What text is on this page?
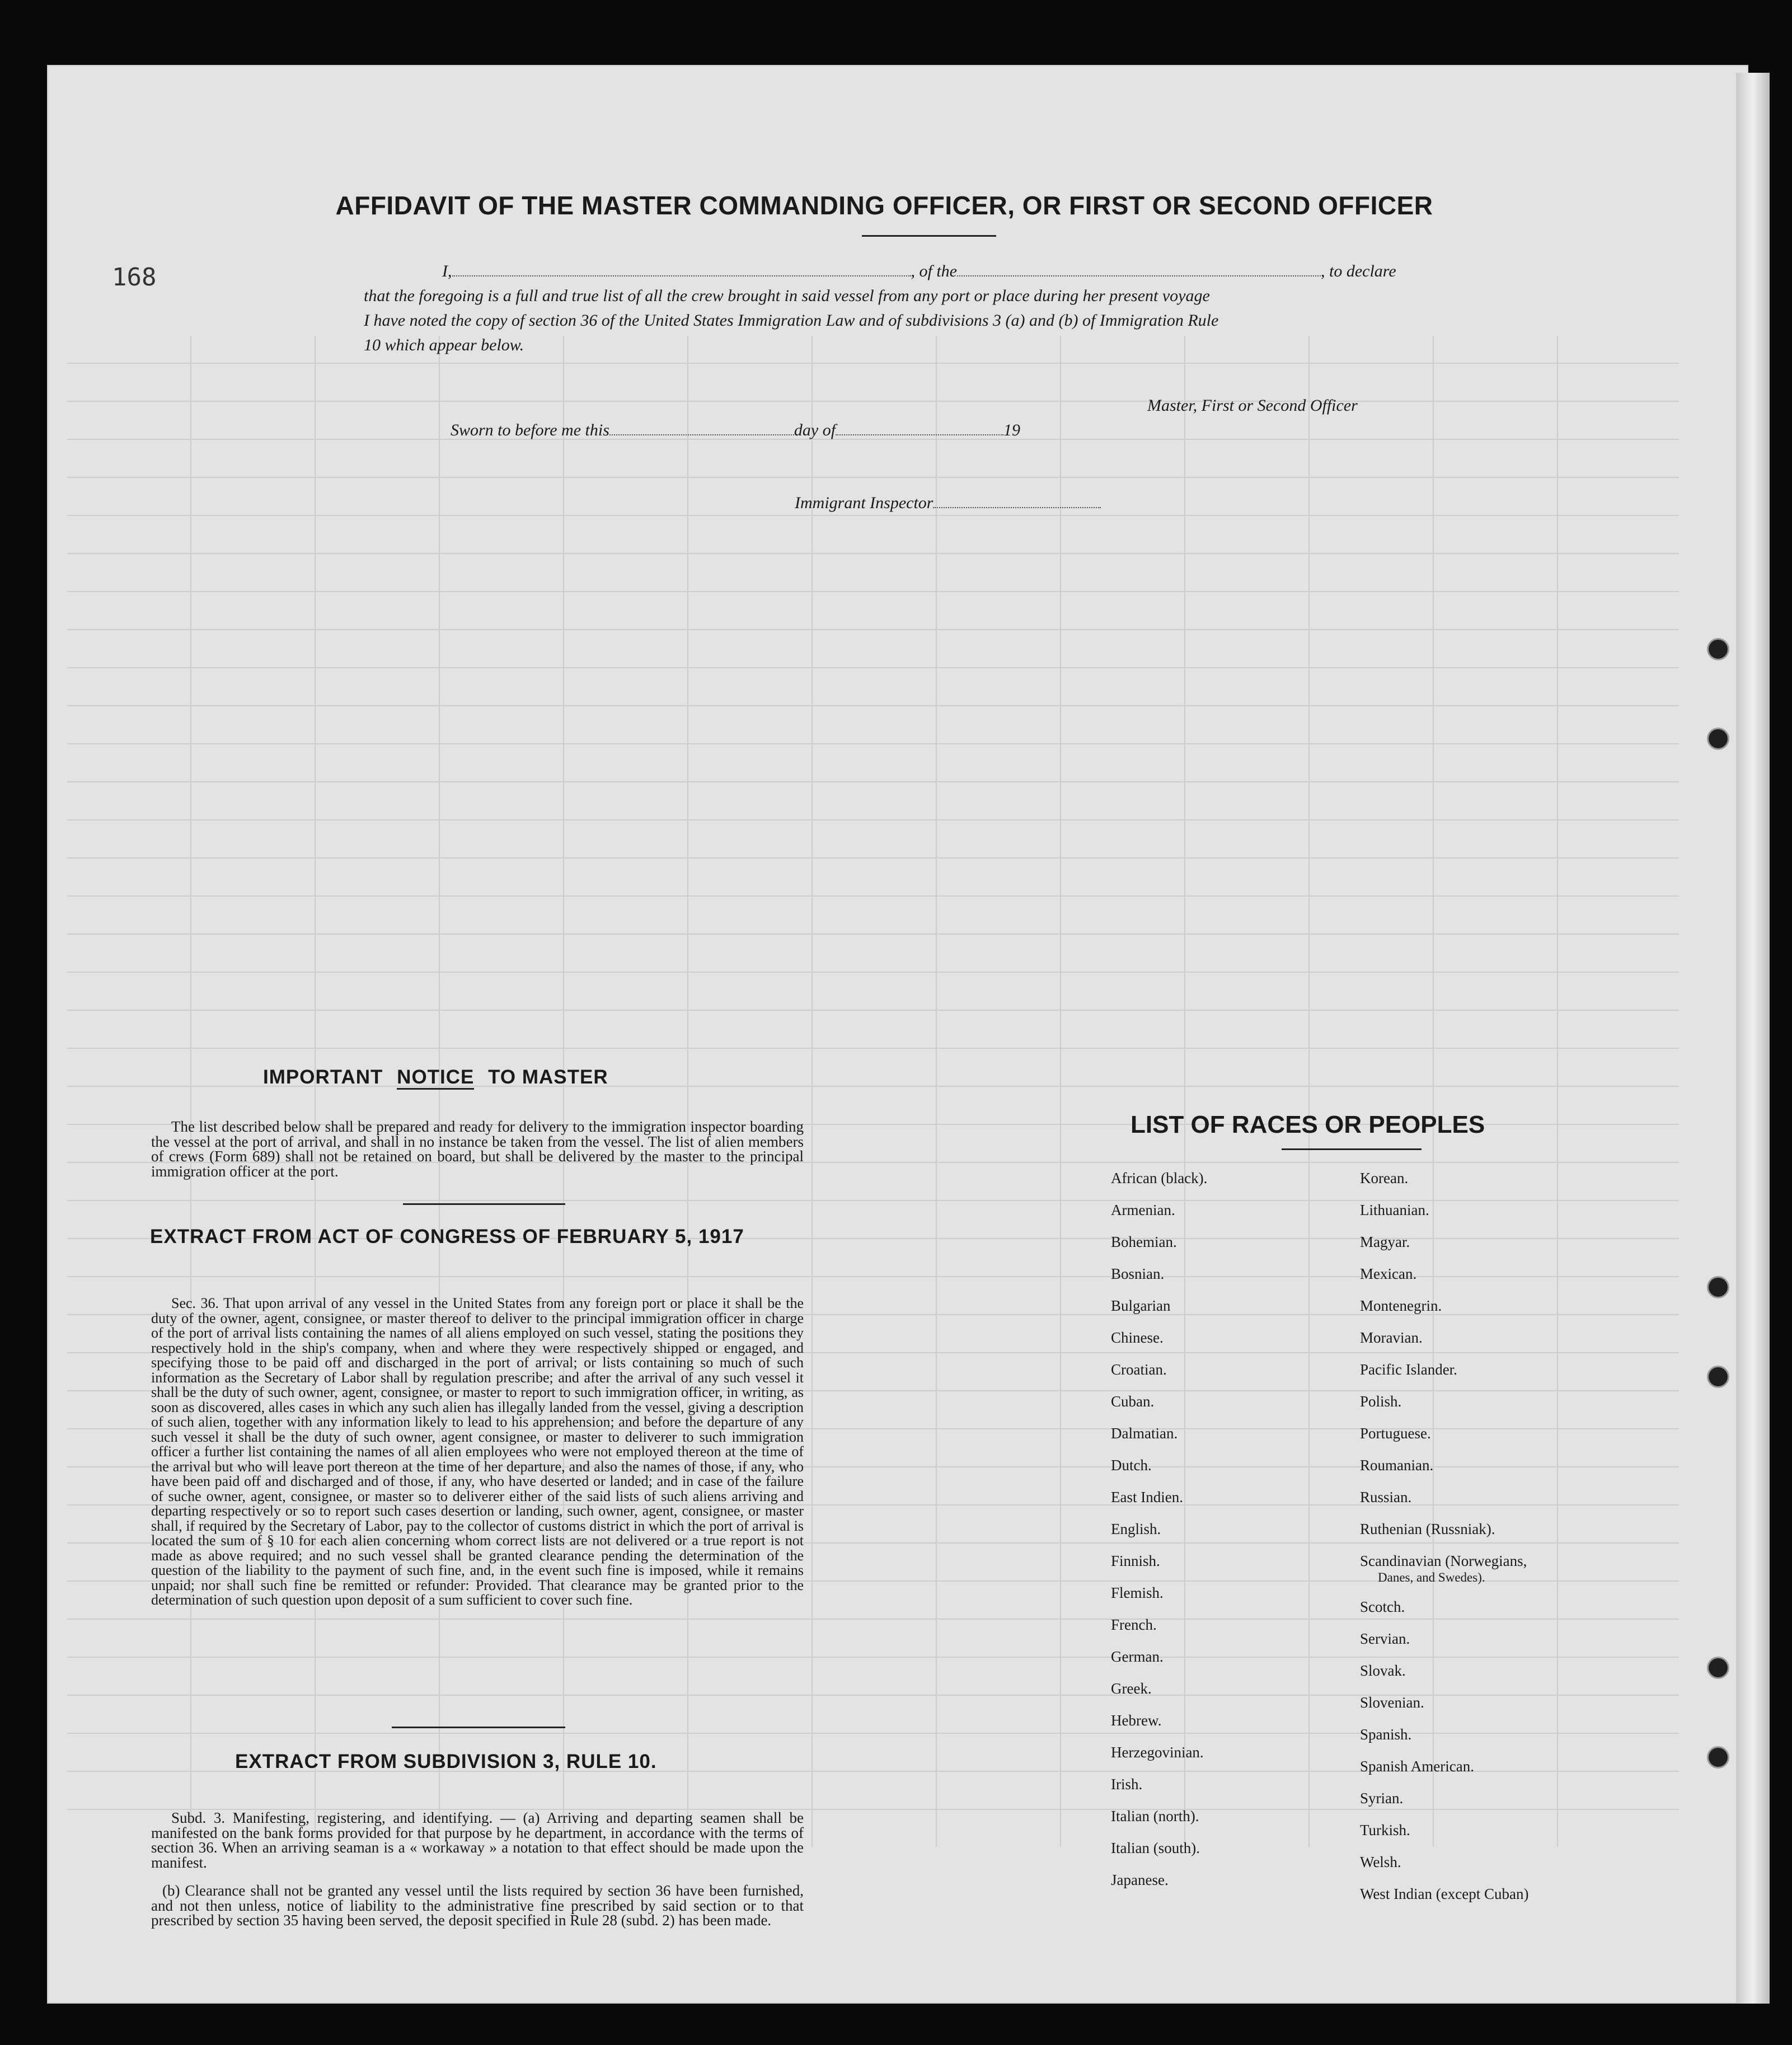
168
AFFIDAVIT OF THE MASTER COMMANDING OFFICER, OR FIRST OR SECOND OFFICER
I,	, of the	, to declare
that the foregoing is a full and true list of all the crew brought in said vessel from any port or place during her present voyage
I have noted the copy of section 36 of the United States Immigration Law and of subdivisions 3 (a) and (b) of Immigration Rule
10 which appear below.
Master, First or Second Officer
Sworn to before me this	day of	19
Immigrant Inspector
IMPORTANT NOTICE TO MASTER
The list described below shall be prepared and ready for delivery to the immigration inspector boarding the vessel at the port of arrival, and shall in no instance be taken from the vessel. The list of alien members of crews (Form 689) shall not be retained on board, but shall be delivered by the master to the principal immigration officer at the port.
EXTRACT FROM ACT OF CONGRESS OF FEBRUARY 5, 1917
Sec. 36. That upon arrival of any vessel in the United States from any foreign port or place it shall be the duty of the owner, agent, consignee, or master thereof to deliver to the principal immigration officer in charge of the port of arrival lists containing the names of all aliens employed on such vessel, stating the positions they respectively hold in the ship's company, when and where they were respectively shipped or engaged, and specifying those to be paid off and discharged in the port of arrival; or lists containing so much of such information as the Secretary of Labor shall by regulation prescribe; and after the arrival of any such vessel it shall be the duty of such owner, agent, consignee, or master to report to such immigration officer, in writing, as soon as discovered, alles cases in which any such alien has illegally landed from the vessel, giving a description of such alien, together with any information likely to lead to his apprehension; and before the departure of any such vessel it shall be the duty of such owner, agent consignee, or master to deliverer to such immigration officer a further list containing the names of all alien employees who were not employed thereon at the time of the arrival but who will leave port thereon at the time of her departure, and also the names of those, if any, who have been paid off and discharged and of those, if any, who have deserted or landed; and in case of the failure of suche owner, agent, consignee, or master so to deliverer either of the said lists of such aliens arriving and departing respectively or so to report such cases desertion or landing, such owner, agent, consignee, or master shall, if required by the Secretary of Labor, pay to the collector of customs district in which the port of arrival is located the sum of § 10 for each alien concerning whom correct lists are not delivered or a true report is not made as above required; and no such vessel shall be granted clearance pending the determination of the question of the liability to the payment of such fine, and, in the event such fine is imposed, while it remains unpaid; nor shall such fine be remitted or refunder: Provided. That clearance may be granted prior to the determination of such question upon deposit of a sum sufficient to cover such fine.
EXTRACT FROM SUBDIVISION 3, RULE 10.
Subd. 3. Manifesting, registering, and identifying. — (a) Arriving and departing seamen shall be manifested on the bank forms provided for that purpose by he department, in accordance with the terms of section 36. When an arriving seaman is a « workaway » a notation to that effect should be made upon the manifest.
(b) Clearance shall not be granted any vessel until the lists required by section 36 have been furnished, and not then unless, notice of liability to the administrative fine prescribed by said section or to that prescribed by section 35 having been served, the deposit specified in Rule 28 (subd. 2) has been made.
LIST OF RACES OR PEOPLES
African (black).
Armenian.
Bohemian.
Bosnian.
Bulgarian
Chinese.
Croatian.
Cuban.
Dalmatian.
Dutch.
East Indien.
English.
Finnish.
Flemish.
French.
German.
Greek.
Hebrew.
Herzegovinian.
Irish.
Italian (north).
Italian (south).
Japanese.
Korean.
Lithuanian.
Magyar.
Mexican.
Montenegrin.
Moravian.
Pacific Islander.
Polish.
Portuguese.
Roumanian.
Russian.
Ruthenian (Russniak).
Scandinavian (Norwegians,
Danes, and Swedes).
Scotch.
Servian.
Slovak.
Slovenian.
Spanish.
Spanish American.
Syrian.
Turkish.
Welsh.
West Indian (except Cuban)
